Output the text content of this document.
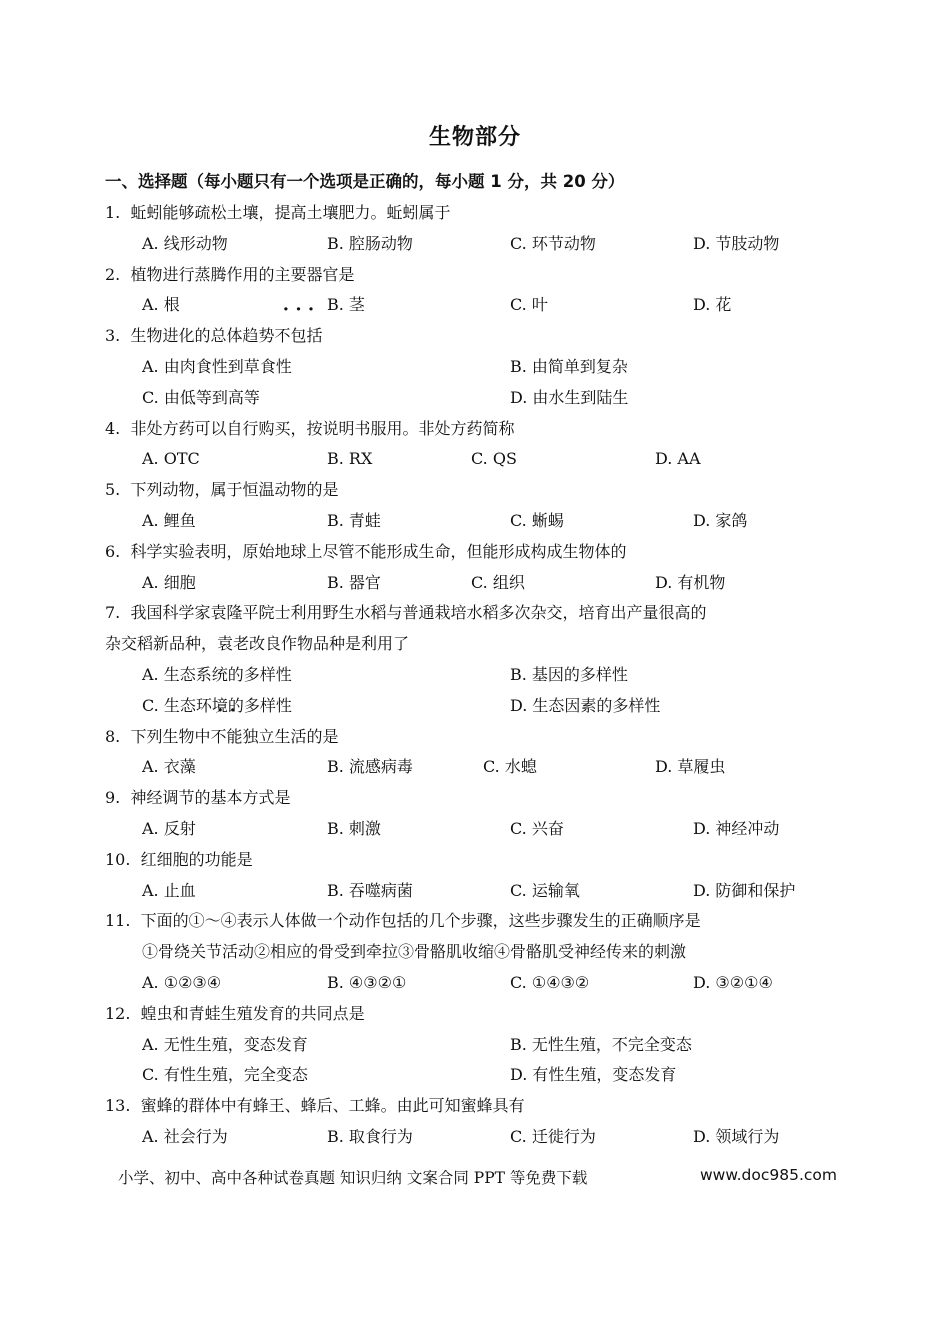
生物部分
一、选择题（每小题只有一个选项是正确的，每小题 1 分，共 20 分）
1. 蚯蚓能够疏松土壤，提高土壤肥力。蚯蚓属于
A. 线形动物	B. 腔肠动物	C. 环节动物	D. 节肢动物
2. 植物进行蒸腾作用的主要器官是
A. 根	B. 茎	C. 叶	D. 花
3. 生物进化的总体趋势· · · 不包括
A. 由肉食性到草食性	B. 由简单到复杂
C. 由低等到高等	D. 由水生到陆生
4. 非处方药可以自行购买，按说明书服用。非处方药简称
A. OTC	B. RX	C. QS	D. AA
5. 下列动物，属于恒温动物的是
A. 鲤鱼	B. 青蛙	C. 蜥蜴	D. 家鸽
6. 科学实验表明，原始地球上尽管不能形成生命，但能形成构成生物体的
A. 细胞	B. 器官	C. 组织	D. 有机物
7. 我国科学家袁隆平院士利用野生水稻与普通栽培水稻多次杂交，培育出产量很高的
杂交稻新品种，袁老改良作物品种是利用了
A. 生态系统的多样性	B. 基因的多样性
C. 生态环境的多样性	D. 生态因素的多样性
8. 下列生物中· · 不能独立生活的是
A. 衣藻	B. 流感病毒	C. 水螅	D. 草履虫
9. 神经调节的基本方式是
A. 反射	B. 刺激	C. 兴奋	D. 神经冲动
10. 红细胞的功能是
A. 止血	B. 吞噬病菌	C. 运输氧	D. 防御和保护
11. 下面的①～④表示人体做一个动作包括的几个步骤，这些步骤发生的正确顺序是
①骨绕关节活动②相应的骨受到牵拉③骨骼肌收缩④骨骼肌受神经传来的刺激
A. ①②③④	B. ④③②①	C. ①④③②	D. ③②①④
12. 蝗虫和青蛙生殖发育的共同点是
A. 无性生殖，变态发育	B. 无性生殖，不完全变态
C. 有性生殖，完全变态	D. 有性生殖，变态发育
13. 蜜蜂的群体中有蜂王、蜂后、工蜂。由此可知蜜蜂具有
A. 社会行为	B. 取食行为	C. 迁徙行为	D. 领域行为
小学、初中、高中各种试卷真题 知识归纳 文案合同 PPT 等免费下载	www.doc985.com
